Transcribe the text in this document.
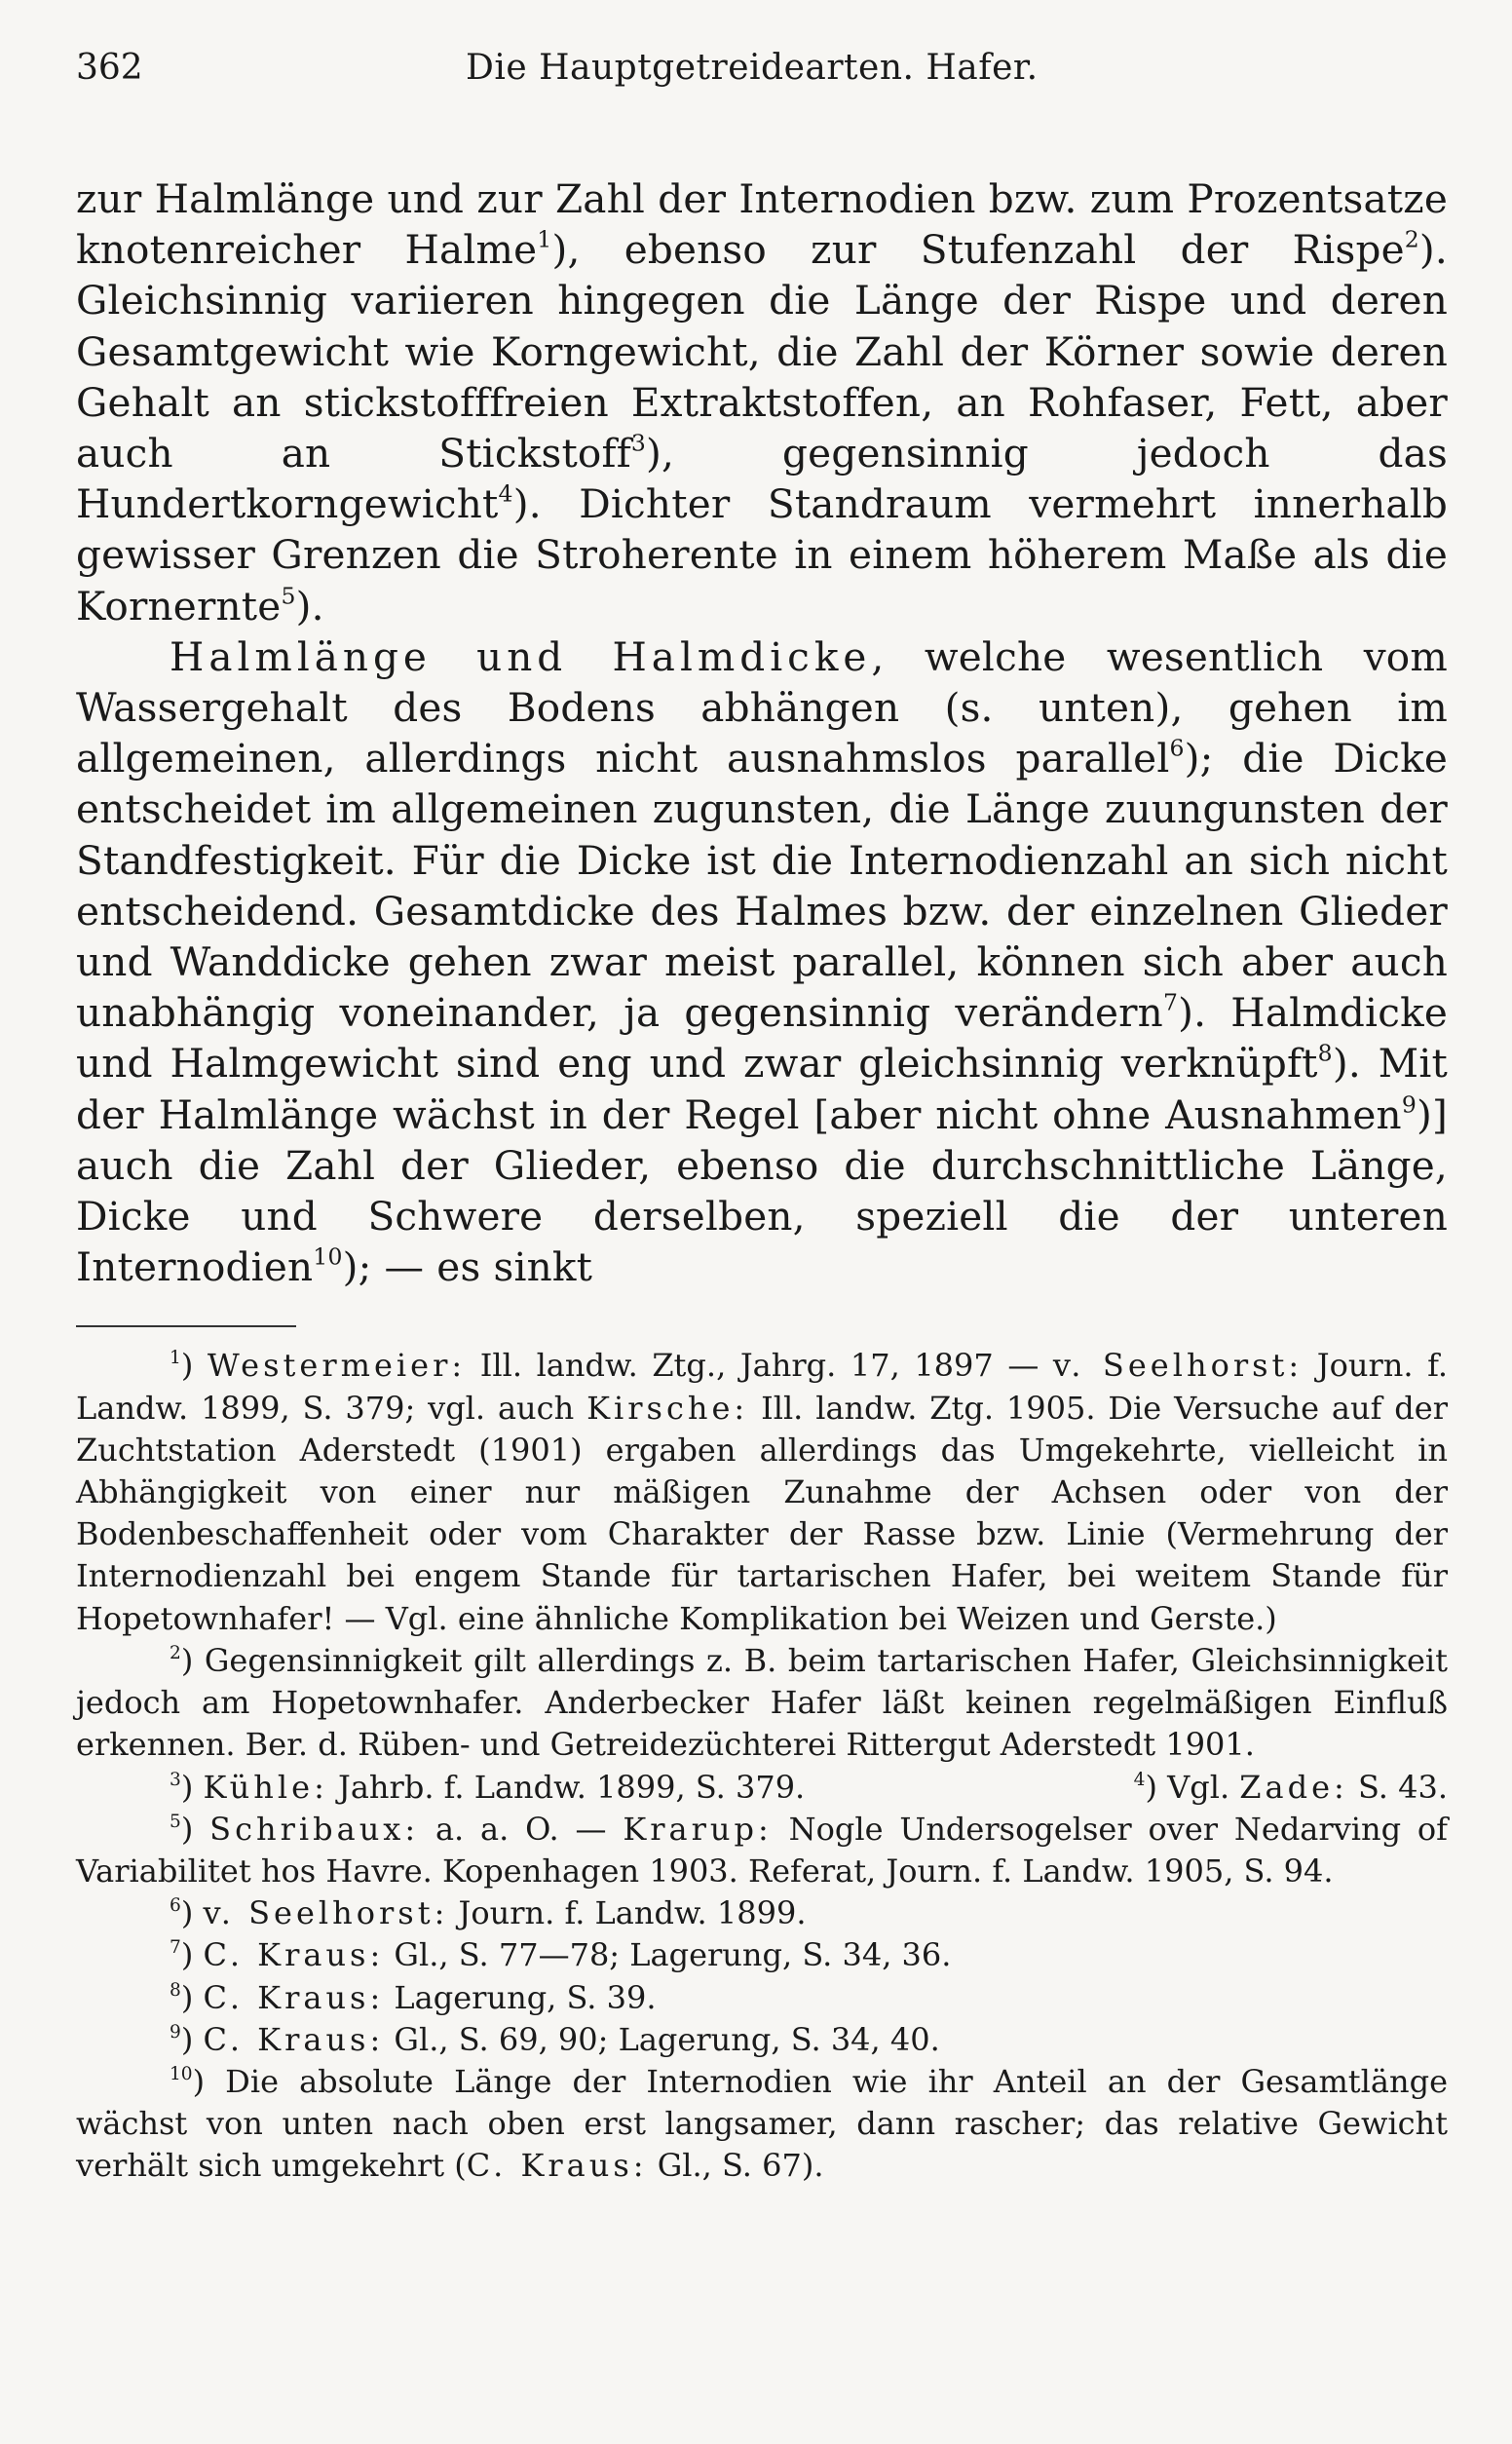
362	Die Hauptgetreidearten. Hafer.

zur Halmlänge und zur Zahl der Internodien bzw. zum Prozentsatze knotenreicher Halme$^1$), ebenso zur Stufenzahl der Rispe$^2$). Gleichsinnig variieren hingegen die Länge der Rispe und deren Gesamtgewicht wie Korngewicht, die Zahl der Körner sowie deren Gehalt an stickstofffreien Extraktstoffen, an Rohfaser, Fett, aber auch an Stickstoff$^3$), gegensinnig jedoch das Hundertkorngewicht$^4$). Dichter Standraum vermehrt innerhalb gewisser Grenzen die Stroherente in einem höherem Maße als die Kornernte$^5$).

Halmlänge und Halmdicke, welche wesentlich vom Wassergehalt des Bodens abhängen (s. unten), gehen im allgemeinen, allerdings nicht ausnahmslos parallel$^6$); die Dicke entscheidet im allgemeinen zugunsten, die Länge zuungunsten der Standfestigkeit. Für die Dicke ist die Internodienzahl an sich nicht entscheidend. Gesamtdicke des Halmes bzw. der einzelnen Glieder und Wanddicke gehen zwar meist parallel, können sich aber auch unabhängig voneinander, ja gegensinnig verändern$^7$). Halmdicke und Halmgewicht sind eng und zwar gleichsinnig verknüpft$^8$). Mit der Halmlänge wächst in der Regel [aber nicht ohne Ausnahmen$^9$)] auch die Zahl der Glieder, ebenso die durchschnittliche Länge, Dicke und Schwere derselben, speziell die der unteren Internodien$^{10}$); — es sinkt

$^1$) Westermeier: Ill. landw. Ztg., Jahrg. 17, 1897 — v. Seelhorst: Journ. f. Landw. 1899, S. 379; vgl. auch Kirsche: Ill. landw. Ztg. 1905. Die Versuche auf der Zuchtstation Aderstedt (1901) ergaben allerdings das Umgekehrte, vielleicht in Abhängigkeit von einer nur mäßigen Zunahme der Achsen oder von der Bodenbeschaffenheit oder vom Charakter der Rasse bzw. Linie (Vermehrung der Internodienzahl bei engem Stande für tartarischen Hafer, bei weitem Stande für Hopetownhafer! — Vgl. eine ähnliche Komplikation bei Weizen und Gerste.)

$^2$) Gegensinnigkeit gilt allerdings z. B. beim tartarischen Hafer, Gleichsinnigkeit jedoch am Hopetownhafer. Anderbecker Hafer läßt keinen regelmäßigen Einfluß erkennen. Ber. d. Rüben- und Getreidezüchterei Rittergut Aderstedt 1901.

$^3$) Kühle: Jahrb. f. Landw. 1899, S. 379.	$^4$) Vgl. Zade: S. 43.

$^5$) Schribaux: a. a. O. — Krarup: Nogle Undersogelser over Nedarving of Variabilitet hos Havre. Kopenhagen 1903. Referat, Journ. f. Landw. 1905, S. 94.

$^6$) v. Seelhorst: Journ. f. Landw. 1899.

$^7$) C. Kraus: Gl., S. 77—78; Lagerung, S. 34, 36.

$^8$) C. Kraus: Lagerung, S. 39.

$^9$) C. Kraus: Gl., S. 69, 90; Lagerung, S. 34, 40.

$^{10}$) Die absolute Länge der Internodien wie ihr Anteil an der Gesamtlänge wächst von unten nach oben erst langsamer, dann rascher; das relative Gewicht verhält sich umgekehrt (C. Kraus: Gl., S. 67).
